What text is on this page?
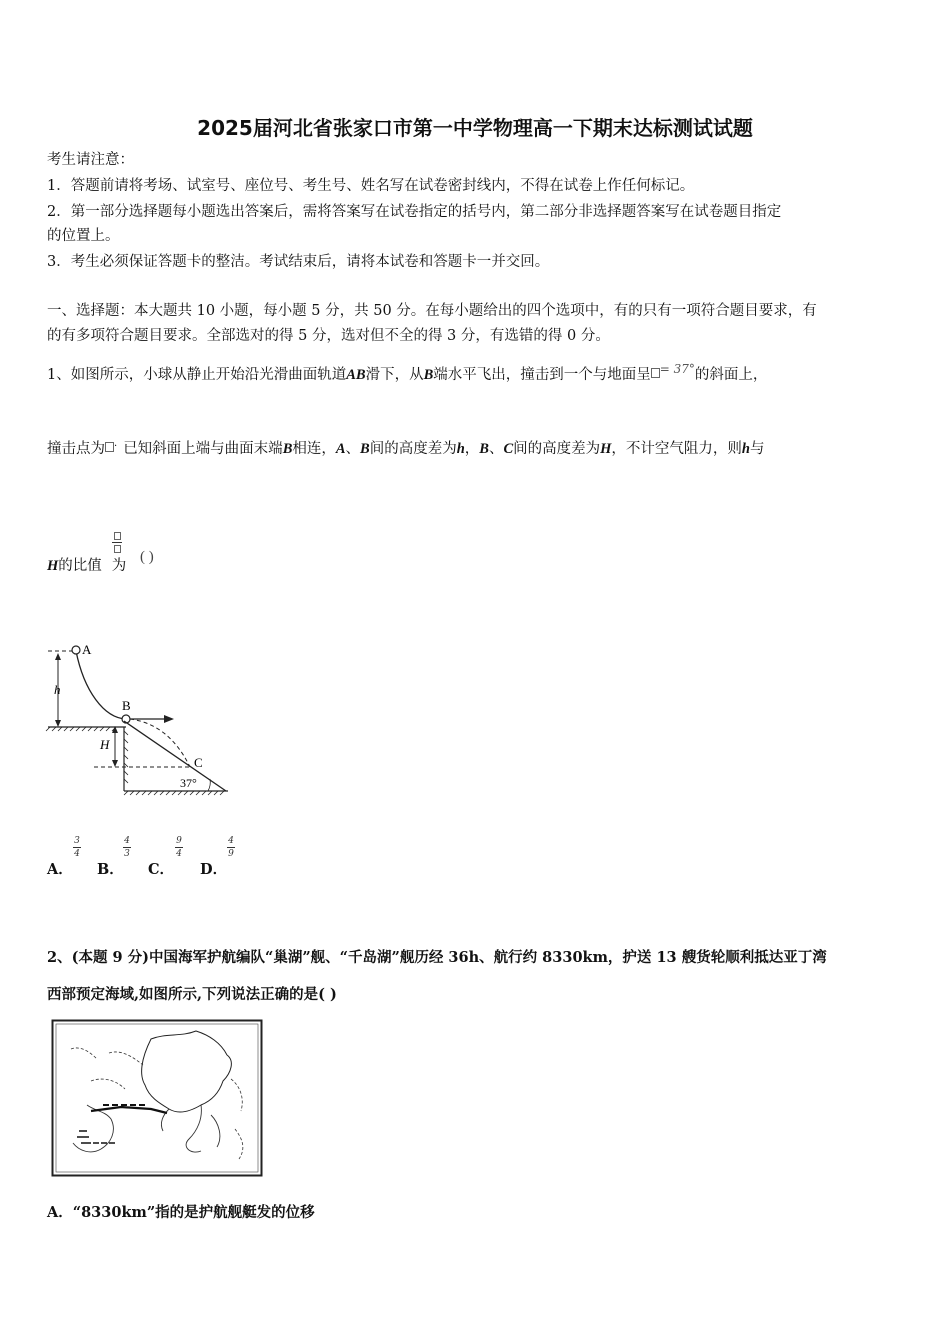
2025届河北省张家口市第一中学物理高一下期末达标测试试题
考生请注意：
1．答题前请将考场、试室号、座位号、考生号、姓名写在试卷密封线内，不得在试卷上作任何标记。
2．第一部分选择题每小题选出答案后，需将答案写在试卷指定的括号内，第二部分非选择题答案写在试卷题目指定
的位置上。
3．考生必须保证答题卡的整洁。考试结束后，请将本试卷和答题卡一并交回。
一、选择题：本大题共 10 小题，每小题 5 分，共 50 分。在每小题给出的四个选项中，有的只有一项符合题目要求，有
的有多项符合题目要求。全部选对的得 5 分，选对但不全的得 3 分，有选错的得 0 分。
1、如图所示，小球从静止开始沿光滑曲面轨道AB滑下，从B端水平飞出，撞击到一个与地面呈 $^{= 37^\circ}$的斜面上，
撞击点为 · 已知斜面上端与曲面末端B相连，A、B间的高度差为h，B、C间的高度差为H，不计空气阻力，则h与

H的比值 为
( )
A
h
B
H
C
37°
A．
3
4
B．
4
3
C．
9
4
D．
4
9
2、(本题 9 分)中国海军护航编队“巢湖”舰、“千岛湖”舰历经 36h、航行约 8330km，护送 13 艘货轮顺利抵达亚丁湾
西部预定海域,如图所示,下列说法正确的是( )
A．“8330km”指的是护航舰艇发的位移
